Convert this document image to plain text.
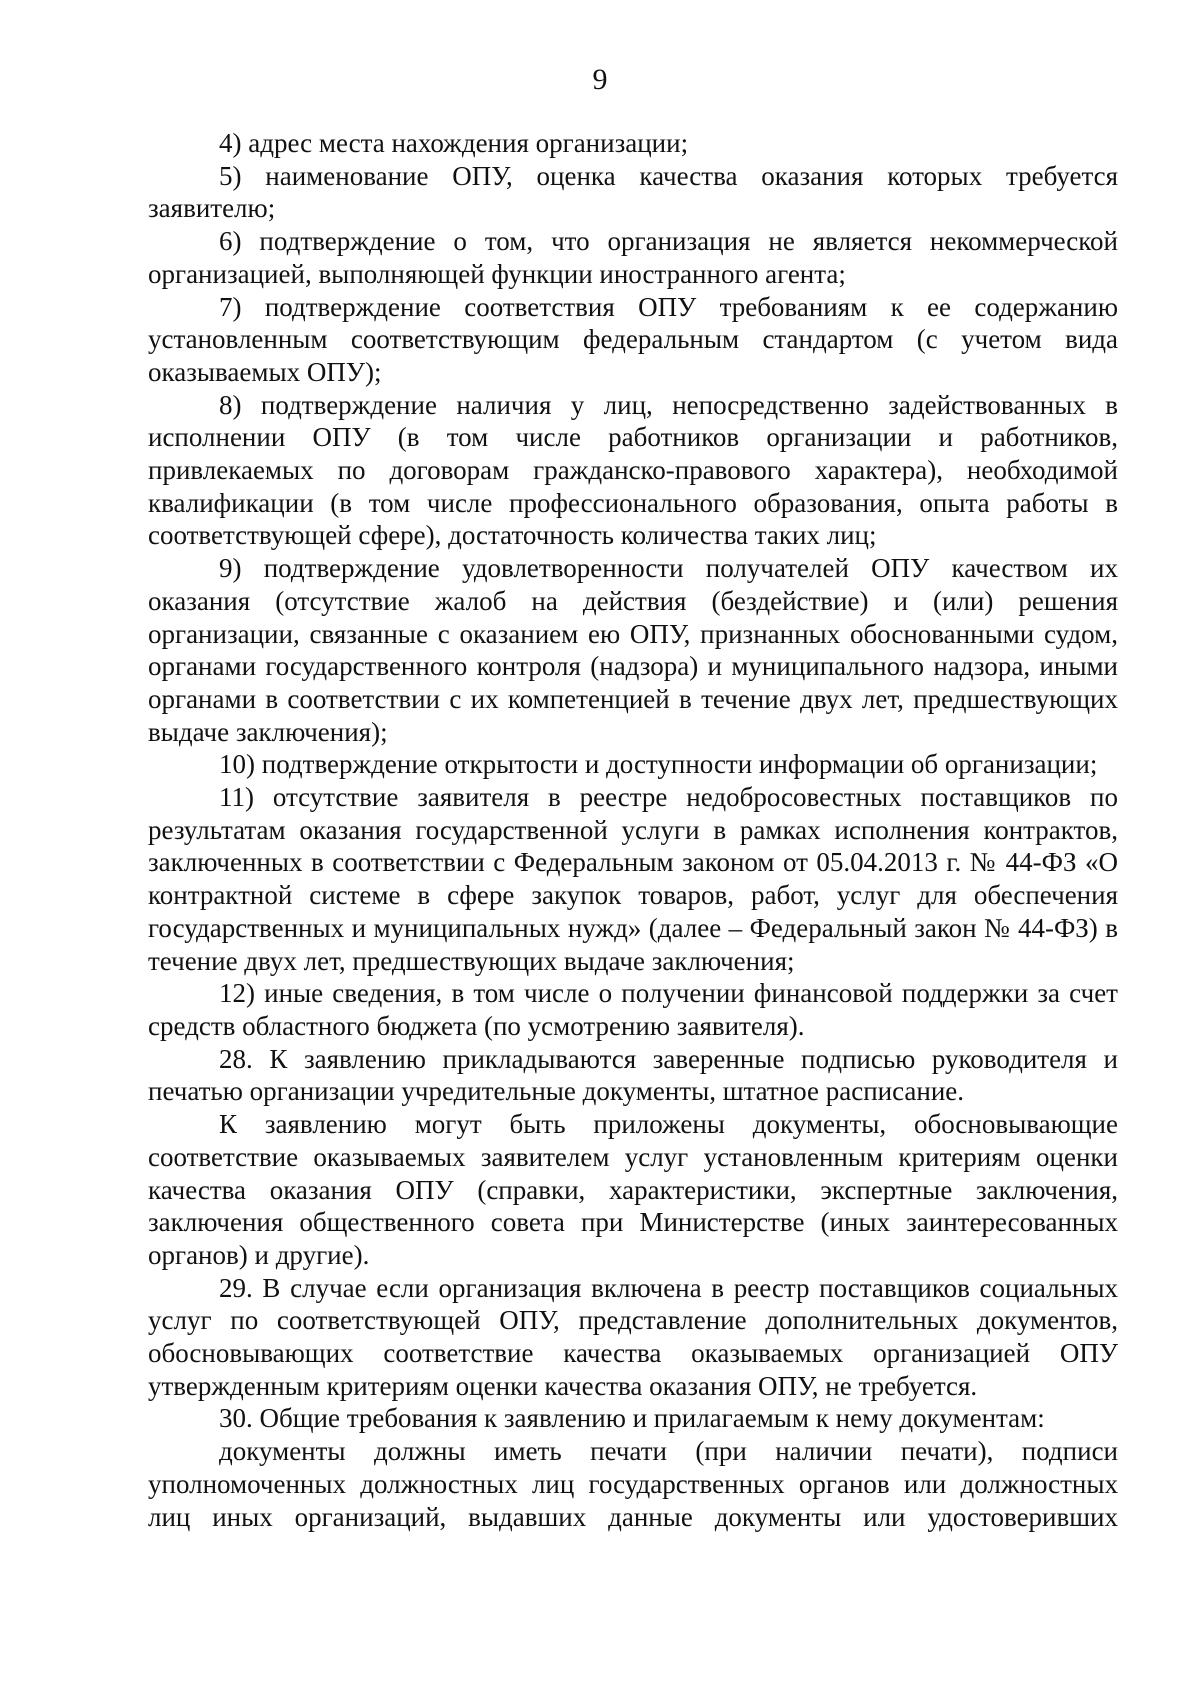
9

4) адрес места нахождения организации;

5) наименование ОПУ, оценка качества оказания которых требуется заявителю;

6) подтверждение о том, что организация не является некоммерческой организацией, выполняющей функции иностранного агента;

7) подтверждение соответствия ОПУ требованиям к ее содержанию установленным соответствующим федеральным стандартом (с учетом вида оказываемых ОПУ);

8) подтверждение наличия у лиц, непосредственно задействованных в исполнении ОПУ (в том числе работников организации и работников, привлекаемых по договорам гражданско-правового характера), необходимой квалификации (в том числе профессионального образования, опыта работы в соответствующей сфере), достаточность количества таких лиц;

9) подтверждение удовлетворенности получателей ОПУ качеством их оказания (отсутствие жалоб на действия (бездействие) и (или) решения организации, связанные с оказанием ею ОПУ, признанных обоснованными судом, органами государственного контроля (надзора) и муниципального надзора, иными органами в соответствии с их компетенцией в течение двух лет, предшествующих выдаче заключения);

10) подтверждение открытости и доступности информации об организации;

11) отсутствие заявителя в реестре недобросовестных поставщиков по результатам оказания государственной услуги в рамках исполнения контрактов, заключенных в соответствии с Федеральным законом от 05.04.2013 г. № 44-ФЗ «О контрактной системе в сфере закупок товаров, работ, услуг для обеспечения государственных и муниципальных нужд» (далее – Федеральный закон № 44-ФЗ) в течение двух лет, предшествующих выдаче заключения;

12) иные сведения, в том числе о получении финансовой поддержки за счет средств областного бюджета (по усмотрению заявителя).

28. К заявлению прикладываются заверенные подписью руководителя и печатью организации учредительные документы, штатное расписание.

К заявлению могут быть приложены документы, обосновывающие соответствие оказываемых заявителем услуг установленным критериям оценки качества оказания ОПУ (справки, характеристики, экспертные заключения, заключения общественного совета при Министерстве (иных заинтересованных органов) и другие).

29. В случае если организация включена в реестр поставщиков социальных услуг по соответствующей ОПУ, представление дополнительных документов, обосновывающих соответствие качества оказываемых организацией ОПУ утвержденным критериям оценки качества оказания ОПУ, не требуется.

30. Общие требования к заявлению и прилагаемым к нему документам:

документы должны иметь печати (при наличии печати), подписи уполномоченных должностных лиц государственных органов или должностных лиц иных организаций, выдавших данные документы или удостоверивших
